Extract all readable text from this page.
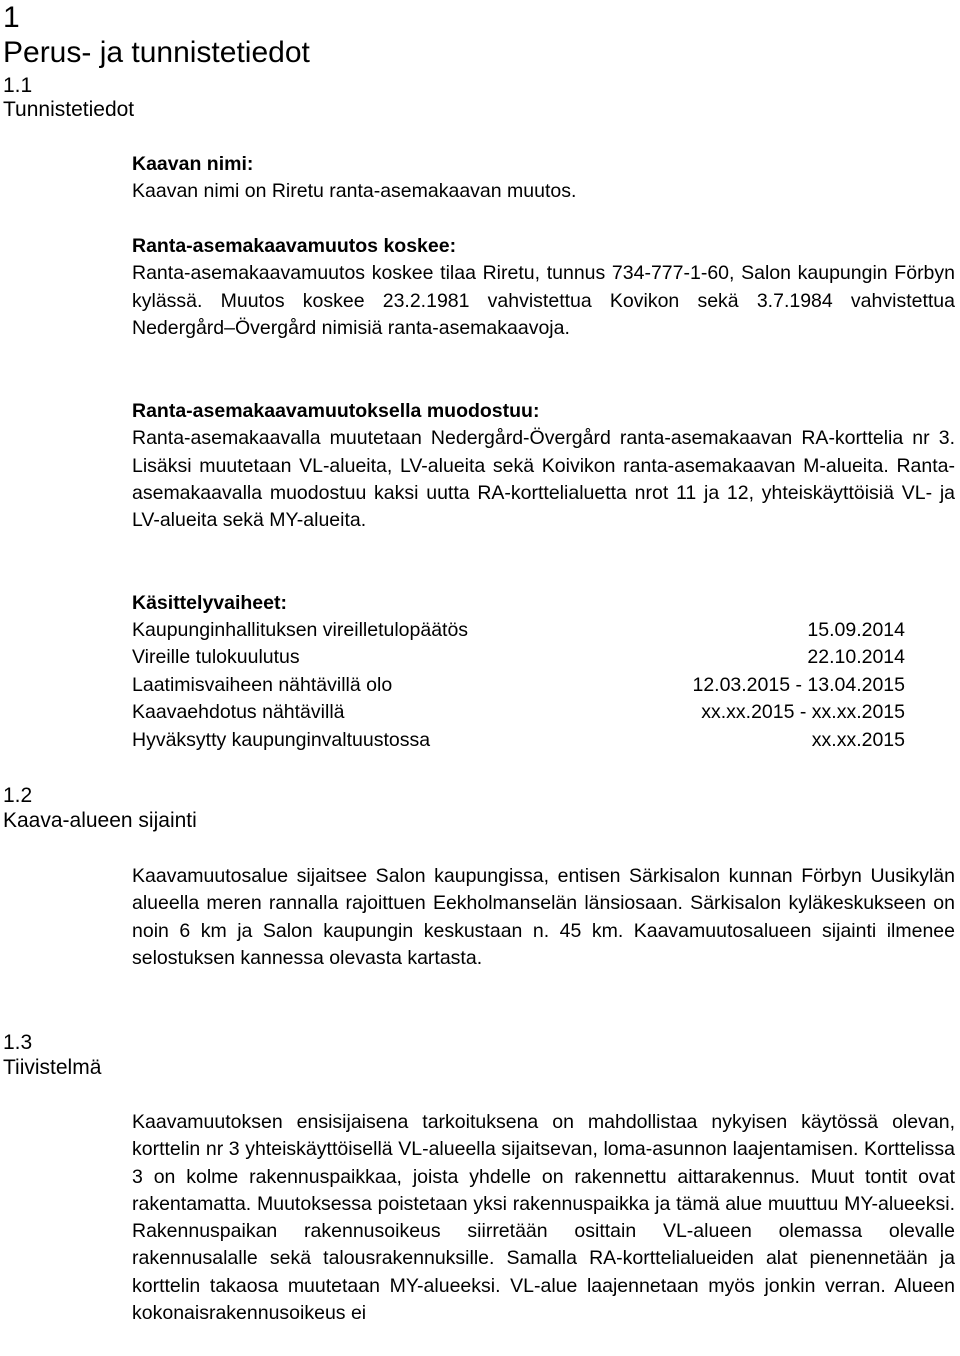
1
Perus- ja tunnistetiedot
1.1
Tunnistetiedot
Kaavan nimi:
Kaavan nimi on Riretu ranta-asemakaavan muutos.
Ranta-asemakaavamuutos koskee:
Ranta-asemakaavamuutos koskee tilaa Riretu, tunnus 734-777-1-60, Salon kaupungin Förbyn kylässä. Muutos koskee 23.2.1981 vahvistettua Kovikon sekä 3.7.1984 vahvistettua Nedergård–Övergård nimisiä ranta-asemakaavoja.
Ranta-asemakaavamuutoksella muodostuu:
Ranta-asemakaavalla muutetaan Nedergård-Övergård ranta-asemakaavan RA-korttelia nr 3. Lisäksi muutetaan VL-alueita, LV-alueita sekä Koivikon ranta-asemakaavan M-alueita. Ranta-asemakaavalla muodostuu kaksi uutta RA-korttelialuetta nrot 11 ja 12, yhteiskäyttöisiä VL- ja LV-alueita sekä MY-alueita.
Käsittelyvaiheet:
Kaupunginhallituksen vireilletulopäätös	15.09.2014
Vireille tulokuulutus	22.10.2014
Laatimisvaiheen nähtävillä olo	12.03.2015 - 13.04.2015
Kaavaehdotus nähtävillä	xx.xx.2015 - xx.xx.2015
Hyväksytty kaupunginvaltuustossa	xx.xx.2015
1.2
Kaava-alueen sijainti
Kaavamuutosalue sijaitsee Salon kaupungissa, entisen Särkisalon kunnan Förbyn Uusikylän alueella meren rannalla rajoittuen Eekholmanselän länsiosaan. Särkisalon kyläkeskukseen on noin 6 km ja Salon kaupungin keskustaan n. 45 km. Kaavamuutosalueen sijainti ilmenee selostuksen kannessa olevasta kartasta.
1.3
Tiivistelmä
Kaavamuutoksen ensisijaisena tarkoituksena on mahdollistaa nykyisen käytössä olevan, korttelin nr 3 yhteiskäyttöisellä VL-alueella sijaitsevan, loma-asunnon laajentamisen. Korttelissa 3 on kolme rakennuspaikkaa, joista yhdelle on rakennettu aittarakennus. Muut tontit ovat rakentamatta. Muutoksessa poistetaan yksi rakennuspaikka ja tämä alue muuttuu MY-alueeksi. Rakennuspaikan rakennusoikeus siirretään osittain VL-alueen olemassa olevalle rakennusalalle sekä talousrakennuksille. Samalla RA-korttelialueiden alat pienennetään ja korttelin takaosa muutetaan MY-alueeksi. VL-alue laajennetaan myös jonkin verran. Alueen kokonaisrakennusoikeus ei
